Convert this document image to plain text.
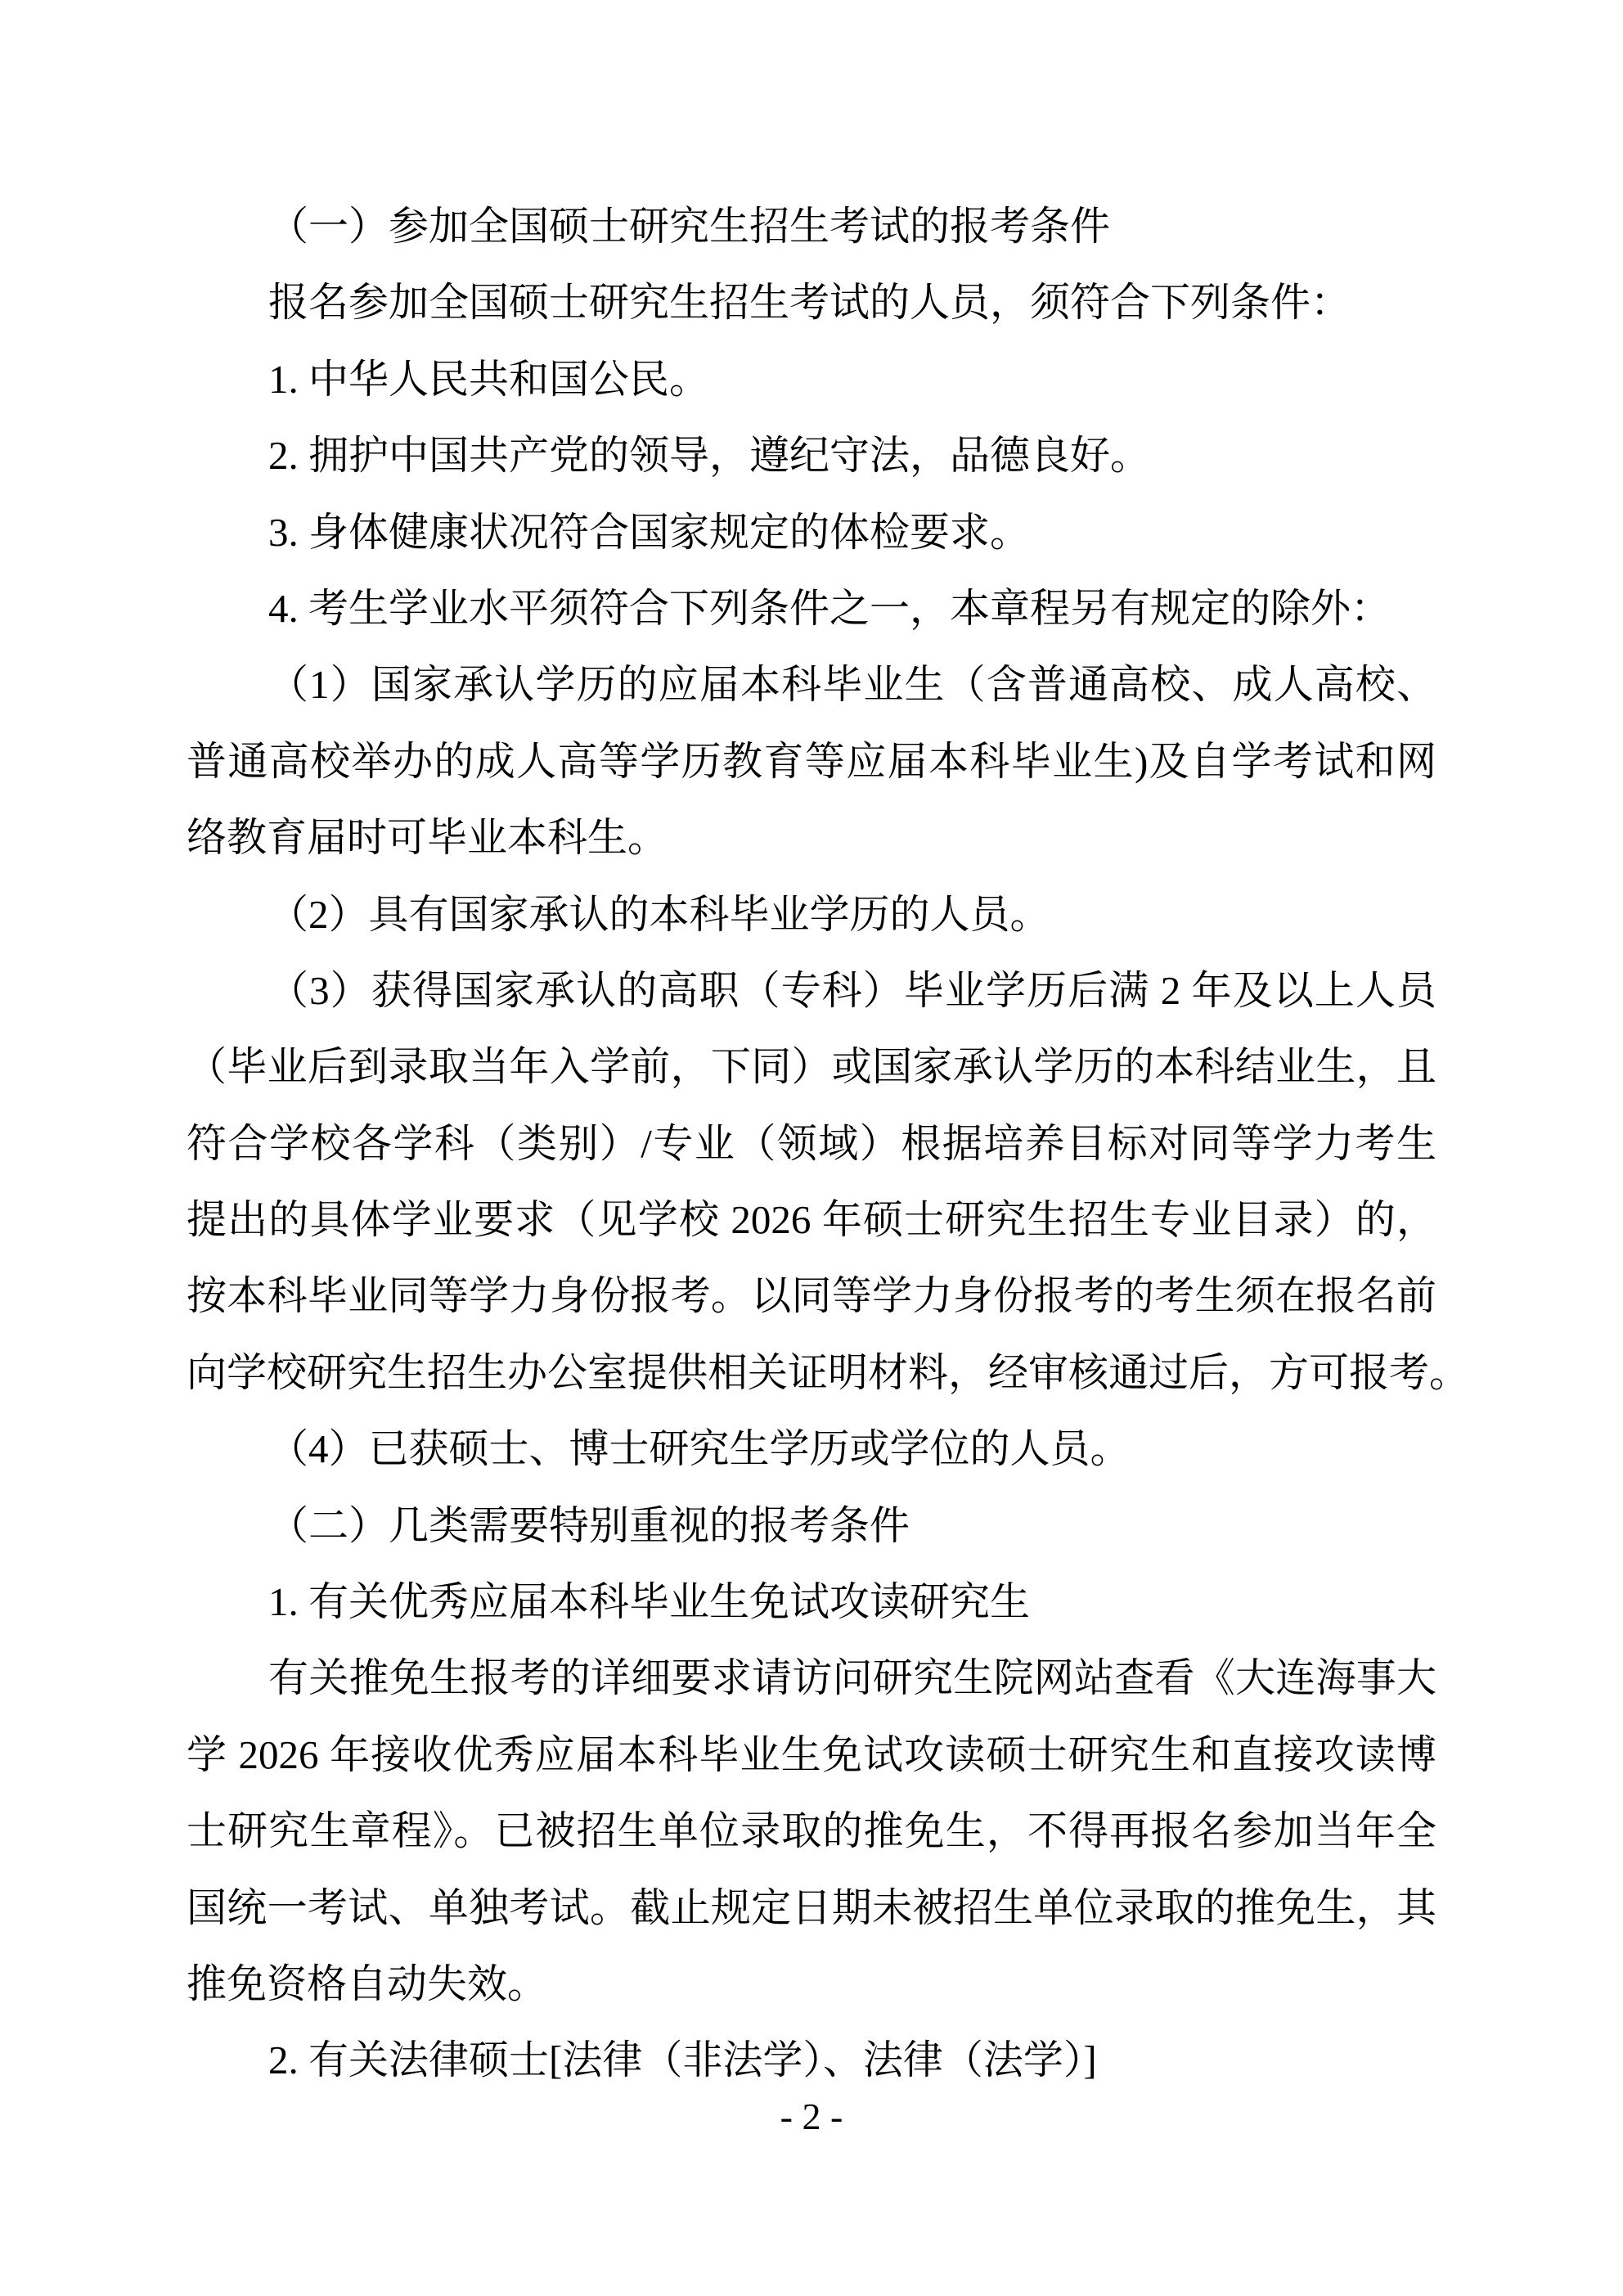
（一）参加全国硕士研究生招生考试的报考条件
报名参加全国硕士研究生招生考试的人员，须符合下列条件：
1. 中华人民共和国公民。
2. 拥护中国共产党的领导，遵纪守法，品德良好。
3. 身体健康状况符合国家规定的体检要求。
4. 考生学业水平须符合下列条件之一，本章程另有规定的除外：
（1）国家承认学历的应届本科毕业生（含普通高校、成人高校、
普通高校举办的成人高等学历教育等应届本科毕业生)及自学考试和网
络教育届时可毕业本科生。
（2）具有国家承认的本科毕业学历的人员。
（3）获得国家承认的高职（专科）毕业学历后满 2 年及以上人员
（毕业后到录取当年入学前，下同）或国家承认学历的本科结业生，且
符合学校各学科（类别）/专业（领域）根据培养目标对同等学力考生
提出的具体学业要求（见学校 2026 年硕士研究生招生专业目录）的，
按本科毕业同等学力身份报考。以同等学力身份报考的考生须在报名前
向学校研究生招生办公室提供相关证明材料，经审核通过后，方可报考。
（4）已获硕士、博士研究生学历或学位的人员。
（二）几类需要特别重视的报考条件
1. 有关优秀应届本科毕业生免试攻读研究生
有关推免生报考的详细要求请访问研究生院网站查看《大连海事大
学 2026 年接收优秀应届本科毕业生免试攻读硕士研究生和直接攻读博
士研究生章程》。已被招生单位录取的推免生，不得再报名参加当年全
国统一考试、单独考试。截止规定日期未被招生单位录取的推免生，其
推免资格自动失效。
2. 有关法律硕士[法律（非法学）、法律（法学）]
- 2 -
